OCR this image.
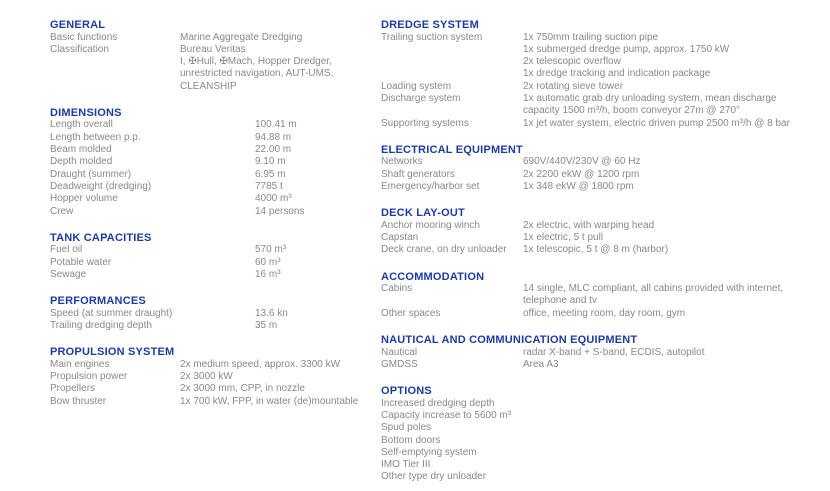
GENERAL
Basic functions	Marine Aggregate Dredging
Classification	Bureau Veritas
I, ✠Hull, ✠Mach, Hopper Dredger,
unrestricted navigation, AUT-UMS,
CLEANSHIP
DIMENSIONS
Length overall	100.41 m
Length between p.p.	94.88 m
Beam molded	22.00 m
Depth molded	9.10 m
Draught (summer)	6.95 m
Deadweight (dredging)	7785 t
Hopper volume	4000 m³
Crew	14 persons
TANK CAPACITIES
Fuel oil	570 m³
Potable water	60 m³
Sewage	16 m³
PERFORMANCES
Speed (at summer draught)	13.6 kn
Trailing dredging depth	35 m
PROPULSION SYSTEM
Main engines	2x medium speed, approx. 3300 kW
Propulsion power	2x 3000 kW
Propellers	2x 3000 mm, CPP, in nozzle
Bow thruster	1x 700 kW, FPP, in water (de)mountable
DREDGE SYSTEM
Trailing suction system	1x 750mm trailing suction pipe
1x submerged dredge pump, approx. 1750 kW
2x telescopic overflow
1x dredge tracking and indication package
Loading system	2x rotating sieve tower
Discharge system	1x automatic grab dry unloading system, mean discharge
capacity 1500 m³/h, boom conveyor 27m @ 270°
Supporting systems	1x jet water system, electric driven pump 2500 m³/h @ 8 bar
ELECTRICAL EQUIPMENT
Networks	690V/440V/230V @ 60 Hz
Shaft generators	2x 2200 ekW @ 1200 rpm
Emergency/harbor set	1x 348 ekW @ 1800 rpm
DECK LAY-OUT
Anchor mooring winch	2x electric, with warping head
Capstan	1x electric, 5 t pull
Deck crane, on dry unloader	1x telescopic, 5 t @ 8 m (harbor)
ACCOMMODATION
Cabins	14 single, MLC compliant, all cabins provided with internet,
telephone and tv
Other spaces	office, meeting room, day room, gym
NAUTICAL AND COMMUNICATION EQUIPMENT
Nautical	radar X-band + S-band, ECDIS, autopilot
GMDSS	Area A3
OPTIONS
Increased dredging depth
Capacity increase to 5600 m³
Spud poles
Bottom doors
Self-emptying system
IMO Tier III
Other type dry unloader
